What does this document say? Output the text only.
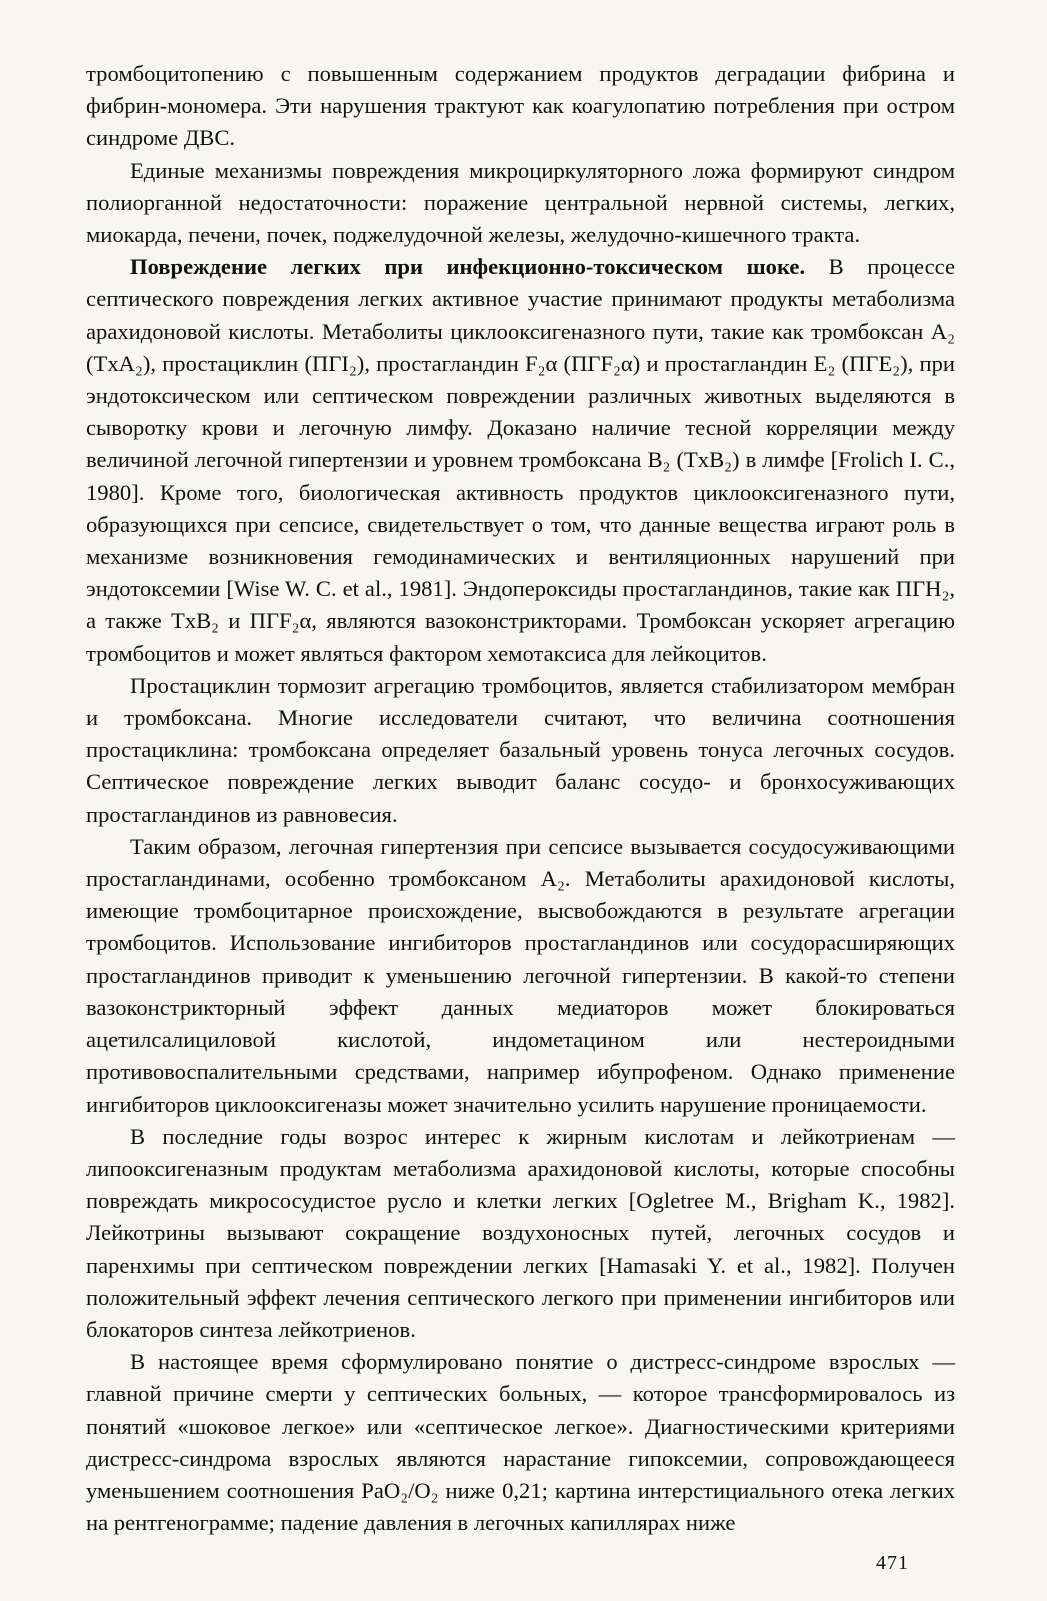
тромбоцитопению с повышенным содержанием продуктов деградации фибрина и фибрин-мономера. Эти нарушения трактуют как коагулопатию потребления при остром синдроме ДВС.

Единые механизмы повреждения микроциркуляторного ложа формируют синдром полиорганной недостаточности: поражение центральной нервной системы, легких, миокарда, печени, почек, поджелудочной железы, желудочно-кишечного тракта.

Повреждение легких при инфекционно-токсическом шоке. В процессе септического повреждения легких активное участие принимают продукты метаболизма арахидоновой кислоты. Метаболиты циклооксигеназного пути, такие как тромбоксан A₂ (TxA₂), простациклин (ПГI₂), простагландин F₂α (ПГF₂α) и простагландин E₂ (ПГE₂), при эндотоксическом или септическом повреждении различных животных выделяются в сыворотку крови и легочную лимфу. Доказано наличие тесной корреляции между величиной легочной гипертензии и уровнем тромбоксана B₂ (TxB₂) в лимфе [Frolich I. C., 1980]. Кроме того, биологическая активность продуктов циклооксигеназного пути, образующихся при сепсисе, свидетельствует о том, что данные вещества играют роль в механизме возникновения гемодинамических и вентиляционных нарушений при эндотоксемии [Wise W. C. et al., 1981]. Эндопероксиды простагландинов, такие как ПГH₂, а также TxB₂ и ПГF₂α, являются вазоконстрикторами. Тромбоксан ускоряет агрегацию тромбоцитов и может являться фактором хемотаксиса для лейкоцитов.

Простациклин тормозит агрегацию тромбоцитов, является стабилизатором мембран и тромбоксана. Многие исследователи считают, что величина соотношения простациклина: тромбоксана определяет базальный уровень тонуса легочных сосудов. Септическое повреждение легких выводит баланс сосудо- и бронхосуживающих простагландинов из равновесия.

Таким образом, легочная гипертензия при сепсисе вызывается сосудосуживающими простагландинами, особенно тромбоксаном A₂. Метаболиты арахидоновой кислоты, имеющие тромбоцитарное происхождение, высвобождаются в результате агрегации тромбоцитов. Использование ингибиторов простагландинов или сосудорасширяющих простагландинов приводит к уменьшению легочной гипертензии. В какой-то степени вазоконстрикторный эффект данных медиаторов может блокироваться ацетилсалициловой кислотой, индометацином или нестероидными противовоспалительными средствами, например ибупрофеном. Однако применение ингибиторов циклооксигеназы может значительно усилить нарушение проницаемости.

В последние годы возрос интерес к жирным кислотам и лейкотриенам — липооксигеназным продуктам метаболизма арахидоновой кислоты, которые способны повреждать микрососудистое русло и клетки легких [Ogletree M., Brigham K., 1982]. Лейкотрины вызывают сокращение воздухоносных путей, легочных сосудов и паренхимы при септическом повреждении легких [Hamasaki Y. et al., 1982]. Получен положительный эффект лечения септического легкого при применении ингибиторов или блокаторов синтеза лейкотриенов.

В настоящее время сформулировано понятие о дистресс-синдроме взрослых — главной причине смерти у септических больных, — которое трансформировалось из понятий «шоковое легкое» или «септическое легкое». Диагностическими критериями дистресс-синдрома взрослых являются нарастание гипоксемии, сопровождающееся уменьшением соотношения PaO₂/O₂ ниже 0,21; картина интерстициального отека легких на рентгенограмме; падение давления в легочных капиллярах ниже

471
